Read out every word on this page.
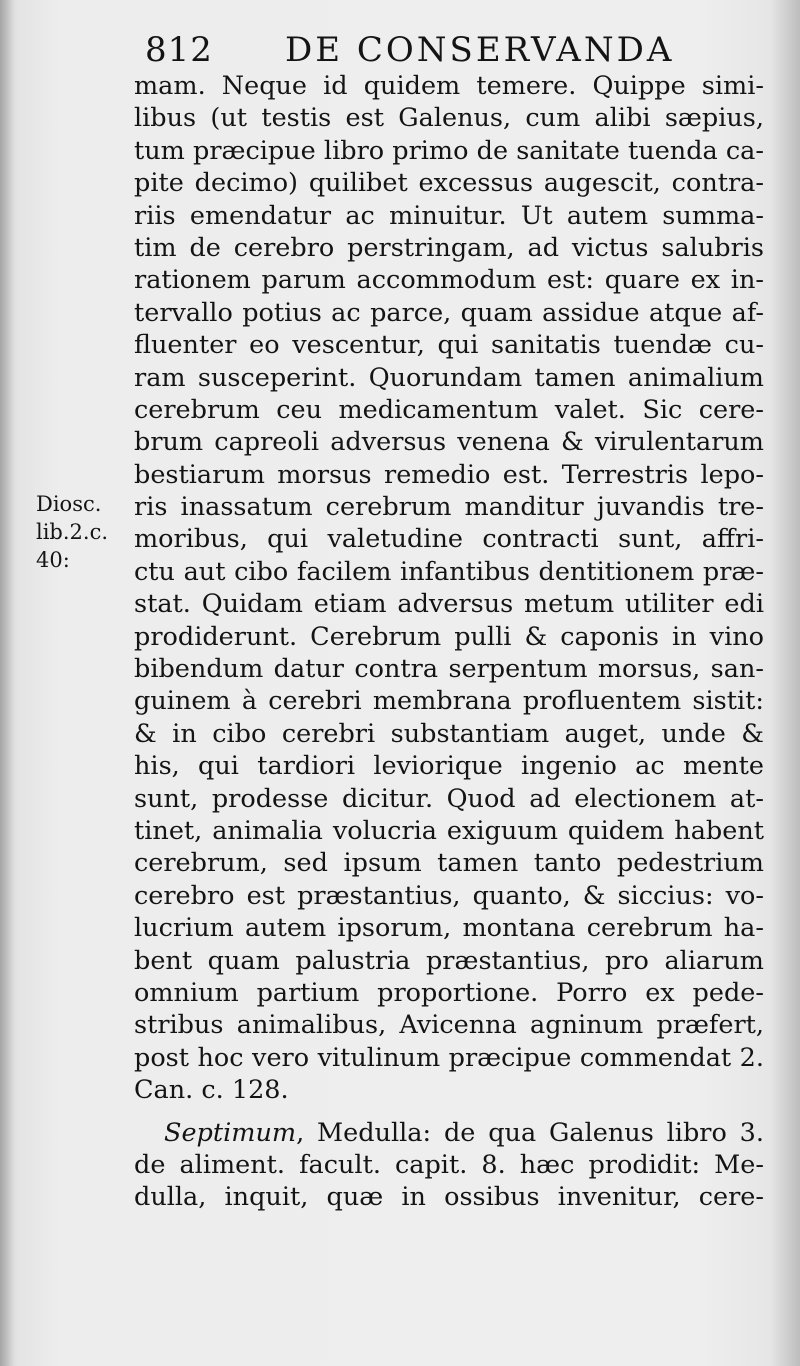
812 DE CONSERVANDA
Diosc.
lib.2.c.
40:
mam. Neque id quidem temere. Quippe simi-
libus (ut testis est Galenus, cum alibi sæpius,
tum præcipue libro primo de sanitate tuenda ca-
pite decimo) quilibet excessus augescit, contra-
riis emendatur ac minuitur. Ut autem summa-
tim de cerebro perstringam, ad victus salubris
rationem parum accommodum est: quare ex in-
tervallo potius ac parce, quam assidue atque af-
fluenter eo vescentur, qui sanitatis tuendæ cu-
ram susceperint. Quorundam tamen animalium
cerebrum ceu medicamentum valet. Sic cere-
brum capreoli adversus venena & virulentarum
bestiarum morsus remedio est. Terrestris lepo-
ris inassatum cerebrum manditur juvandis tre-
moribus, qui valetudine contracti sunt, affri-
ctu aut cibo facilem infantibus dentitionem præ-
stat. Quidam etiam adversus metum utiliter edi
prodiderunt. Cerebrum pulli & caponis in vino
bibendum datur contra serpentum morsus, san-
guinem à cerebri membrana profluentem sistit:
& in cibo cerebri substantiam auget, unde &
his, qui tardiori leviorique ingenio ac mente
sunt, prodesse dicitur. Quod ad electionem at-
tinet, animalia volucria exiguum quidem habent
cerebrum, sed ipsum tamen tanto pedestrium
cerebro est præstantius, quanto, & siccius: vo-
lucrium autem ipsorum, montana cerebrum ha-
bent quam palustria præstantius, pro aliarum
omnium partium proportione. Porro ex pede-
stribus animalibus, Avicenna agninum præfert,
post hoc vero vitulinum præcipue commendat 2.
Can. c. 128.
Septimum, Medulla: de qua Galenus libro 3.
de aliment. facult. capit. 8. hæc prodidit: Me-
dulla, inquit, quæ in ossibus invenitur, cere-
